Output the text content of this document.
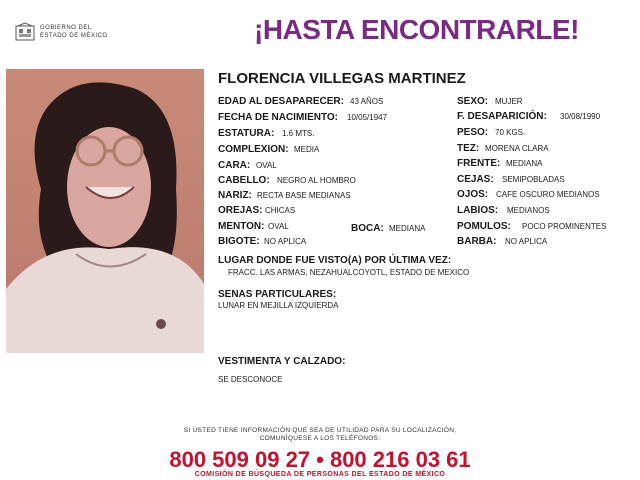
GOBIERNO DEL
ESTADO DE MÉXICO	¡HASTA ENCONTRARLE!
FLORENCIA VILLEGAS MARTINEZ
EDAD AL DESAPARECER: 43 AÑOS
FECHA DE NACIMIENTO: 10/05/1947
ESTATURA: 1.6 MTS.
COMPLEXION: MEDIA
CARA: OVAL
CABELLO: NEGRO AL HOMBRO
NARIZ: RECTA BASE MEDIANAS
OREJAS: CHICAS
MENTON: OVAL	BOCA: MEDIANA
BIGOTE: NO APLICA
SEXO: MUJER
F. DESAPARICIÓN: 30/08/1990
PESO: 70 KGS.
TEZ: MORENA CLARA
FRENTE: MEDIANA
CEJAS: SEMIPOBLADAS
OJOS: CAFE OSCURO MEDIANOS
LABIOS: MEDIANOS
POMULOS: POCO PROMINENTES
BARBA: NO APLICA
LUGAR DONDE FUE VISTO(A) POR ÚLTIMA VEZ:
FRACC. LAS ARMAS, NEZAHUALCOYOTL, ESTADO DE MEXICO
SENAS PARTICULARES:
LUNAR EN MEJILLA IZQUIERDA
VESTIMENTA Y CALZADO:
SE DESCONOCE
SI USTED TIENE INFORMACIÓN QUE SEA DE UTILIDAD PARA SU LOCALIZACIÓN,
COMUNÍQUESE A LOS TELÉFONOS:
800 509 09 27 • 800 216 03 61
COMISIÓN DE BÚSQUEDA DE PERSONAS DEL ESTADO DE MÉXICO
